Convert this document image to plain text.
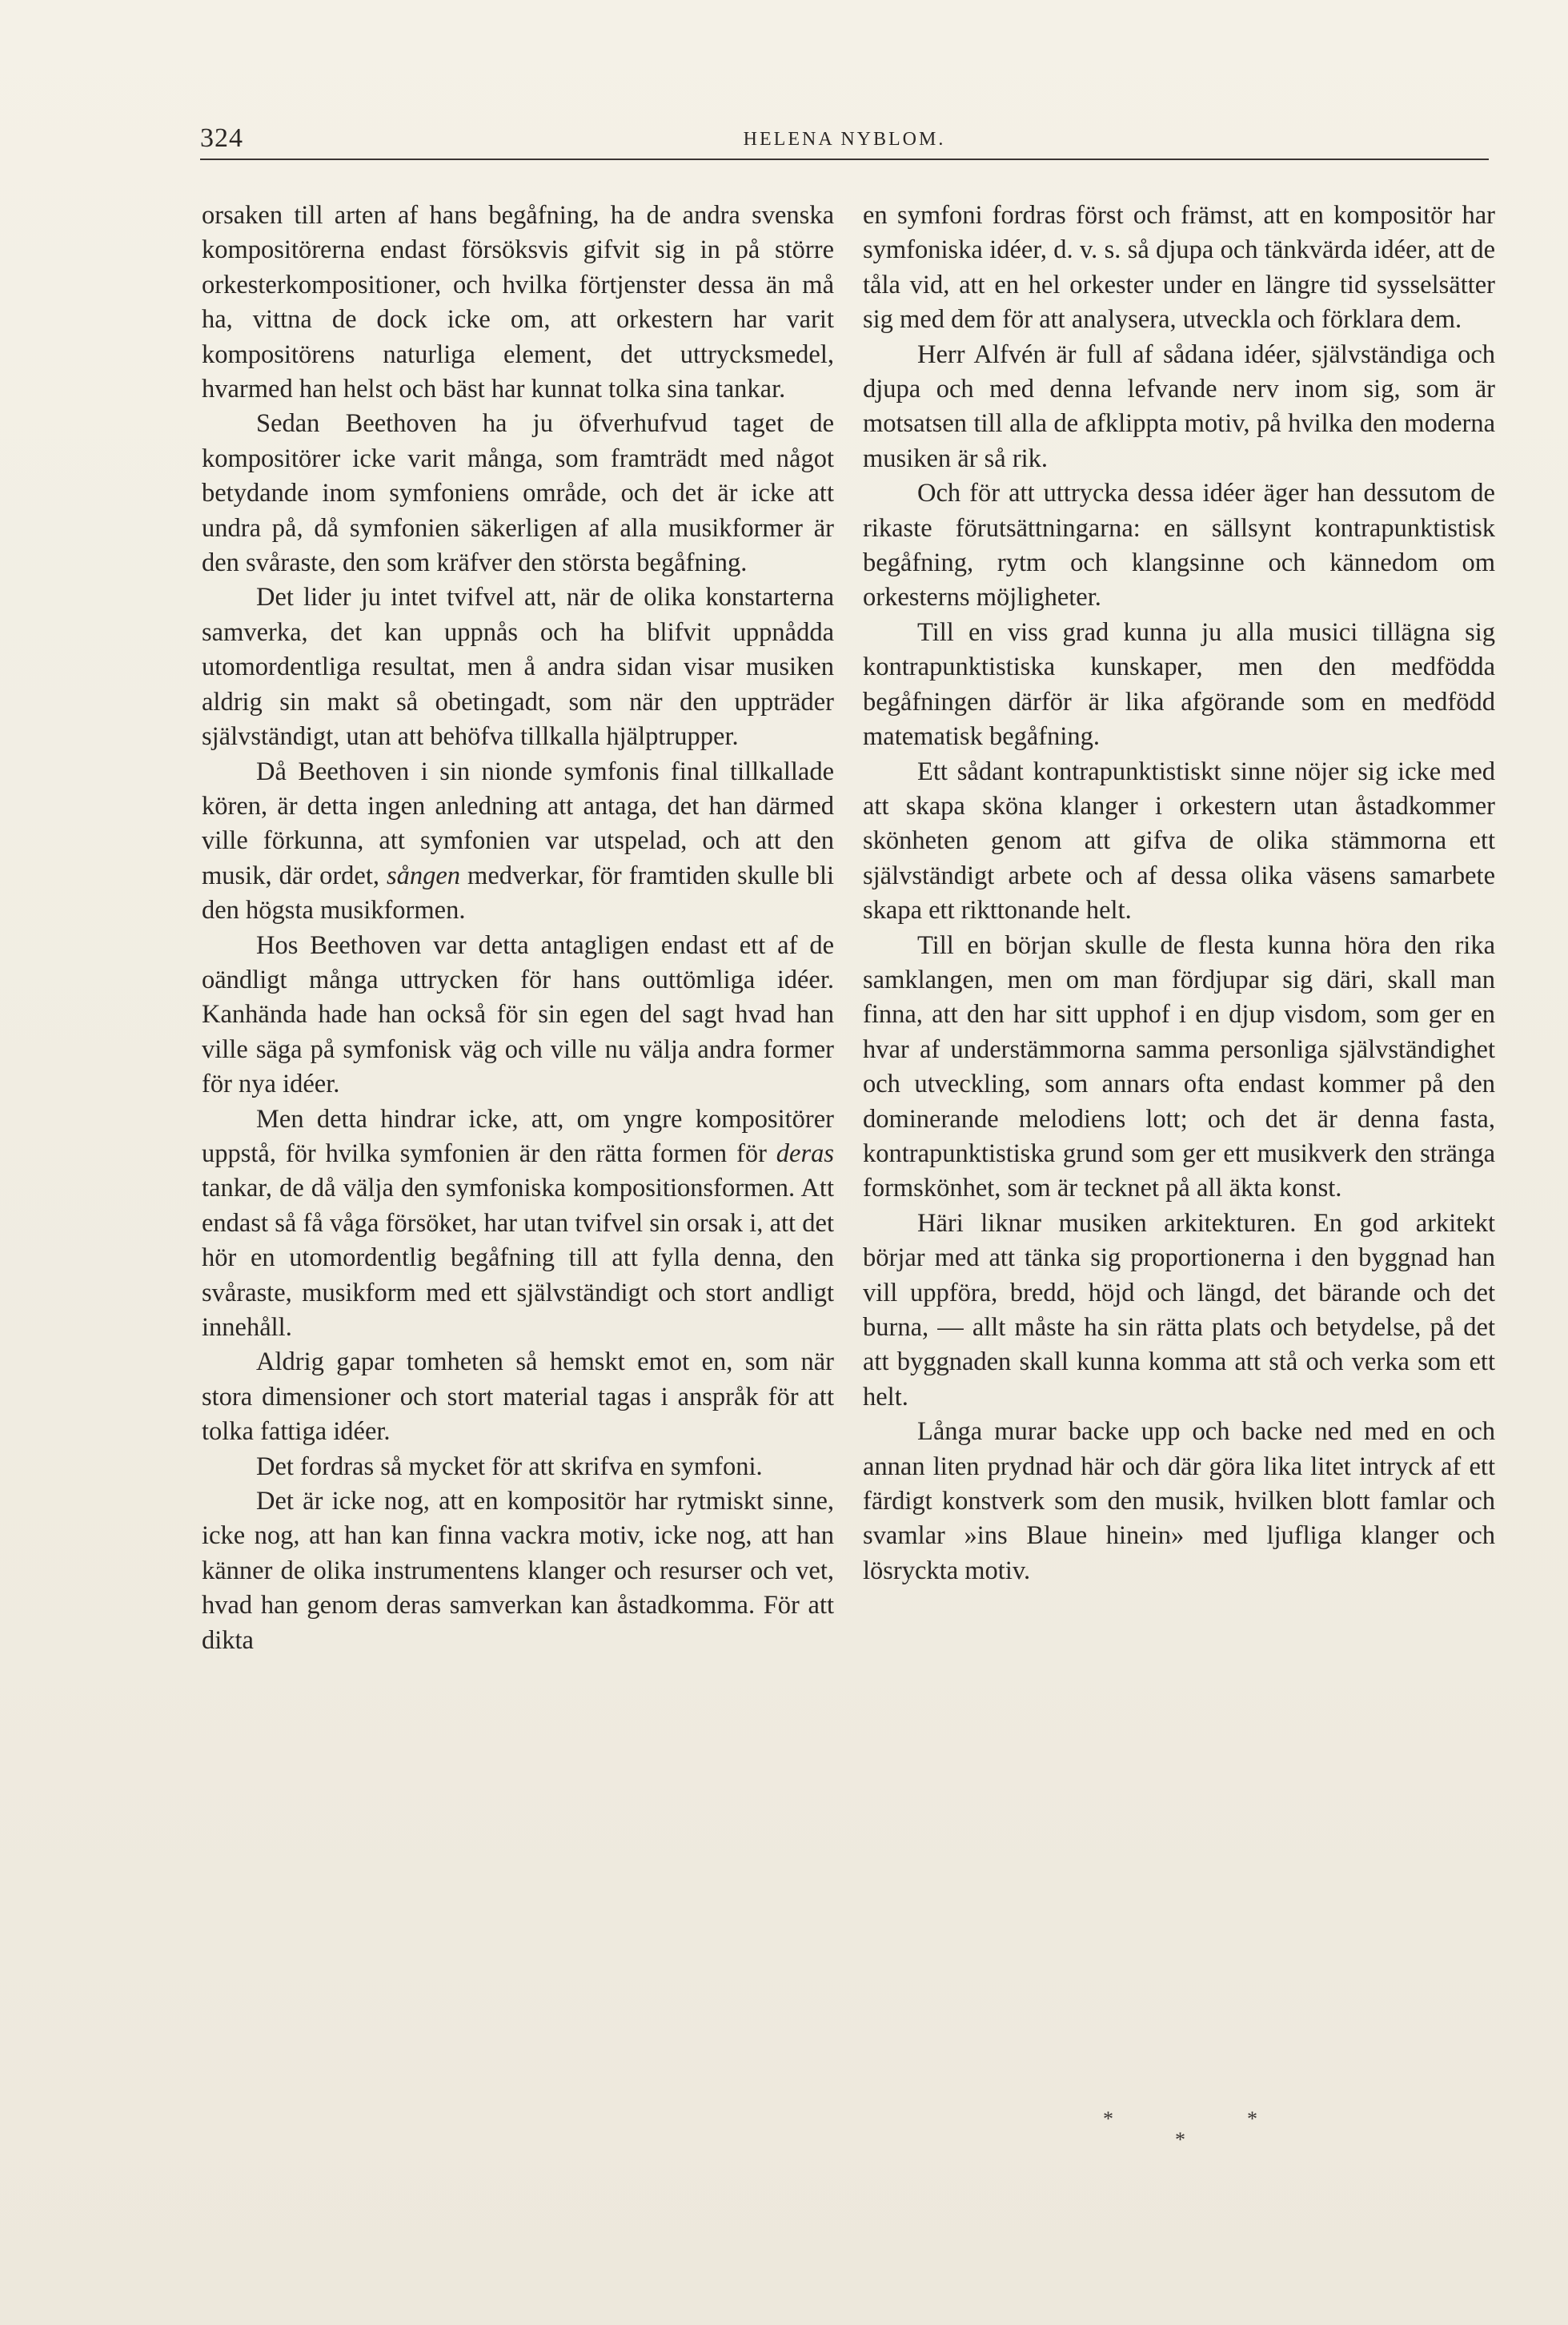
324	HELENA NYBLOM.

orsaken till arten af hans begåfning, ha de andra svenska kompositörerna endast försöksvis gifvit sig in på större orkesterkompositioner, och hvilka förtjenster dessa än må ha, vittna de dock icke om, att orkestern har varit kompositörens naturliga element, det uttrycksmedel, hvarmed han helst och bäst har kunnat tolka sina tankar.

Sedan Beethoven ha ju öfverhufvud taget de kompositörer icke varit många, som framträdt med något betydande inom symfoniens område, och det är icke att undra på, då symfonien säkerligen af alla musikformer är den svåraste, den som kräfver den största begåfning.

Det lider ju intet tvifvel att, när de olika konstarterna samverka, det kan uppnås och ha blifvit uppnådda utomordentliga resultat, men å andra sidan visar musiken aldrig sin makt så obetingadt, som när den uppträder självständigt, utan att behöfva tillkalla hjälptrupper.

Då Beethoven i sin nionde symfonis final tillkallade kören, är detta ingen anledning att antaga, det han därmed ville förkunna, att symfonien var utspelad, och att den musik, där ordet, sången medverkar, för framtiden skulle bli den högsta musikformen.

Hos Beethoven var detta antagligen endast ett af de oändligt många uttrycken för hans outtömliga idéer. Kanhända hade han också för sin egen del sagt hvad han ville säga på symfonisk väg och ville nu välja andra former för nya idéer.

Men detta hindrar icke, att, om yngre kompositörer uppstå, för hvilka symfonien är den rätta formen för deras tankar, de då välja den symfoniska kompositionsformen. Att endast så få våga försöket, har utan tvifvel sin orsak i, att det hör en utomordentlig begåfning till att fylla denna, den svåraste, musikform med ett självständigt och stort andligt innehåll.

Aldrig gapar tomheten så hemskt emot en, som när stora dimensioner och stort material tagas i anspråk för att tolka fattiga idéer.

Det fordras så mycket för att skrifva en symfoni.

Det är icke nog, att en kompositör har rytmiskt sinne, icke nog, att han kan finna vackra motiv, icke nog, att han känner de olika instrumentens klanger och resurser och vet, hvad han genom deras samverkan kan åstadkomma. För att dikta

en symfoni fordras först och främst, att en kompositör har symfoniska idéer, d. v. s. så djupa och tänkvärda idéer, att de tåla vid, att en hel orkester under en längre tid sysselsätter sig med dem för att analysera, utveckla och förklara dem.

Herr Alfvén är full af sådana idéer, självständiga och djupa och med denna lefvande nerv inom sig, som är motsatsen till alla de afklippta motiv, på hvilka den moderna musiken är så rik.

Och för att uttrycka dessa idéer äger han dessutom de rikaste förutsättningarna: en sällsynt kontrapunktistisk begåfning, rytm och klangsinne och kännedom om orkesterns möjligheter.

Till en viss grad kunna ju alla musici tillägna sig kontrapunktistiska kunskaper, men den medfödda begåfningen därför är lika afgörande som en medfödd matematisk begåfning.

Ett sådant kontrapunktistiskt sinne nöjer sig icke med att skapa sköna klanger i orkestern utan åstadkommer skönheten genom att gifva de olika stämmorna ett självständigt arbete och af dessa olika väsens samarbete skapa ett rikttonande helt.

Till en början skulle de flesta kunna höra den rika samklangen, men om man fördjupar sig däri, skall man finna, att den har sitt upphof i en djup visdom, som ger en hvar af understämmorna samma personliga självständighet och utveckling, som annars ofta endast kommer på den dominerande melodiens lott; och det är denna fasta, kontrapunktistiska grund som ger ett musikverk den stränga formskönhet, som är tecknet på all äkta konst.

Häri liknar musiken arkitekturen. En god arkitekt börjar med att tänka sig proportionerna i den byggnad han vill uppföra, bredd, höjd och längd, det bärande och det burna, — allt måste ha sin rätta plats och betydelse, på det att byggnaden skall kunna komma att stå och verka som ett helt.

Långa murar backe upp och backe ned med en och annan liten prydnad här och där göra lika litet intryck af ett färdigt konstverk som den musik, hvilken blott famlar och svamlar »ins Blaue hinein» med ljufliga klanger och lösryckta motiv.

*	*
*
